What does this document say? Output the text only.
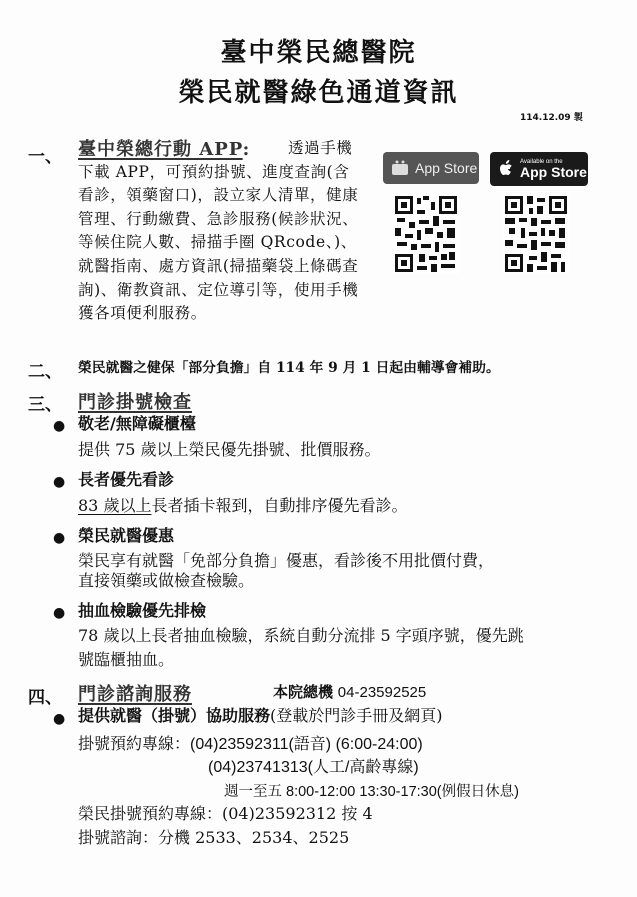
臺中榮民總醫院
榮民就醫綠色通道資訊
114.12.09 製
一、 臺中榮總行動 APP:	透過手機下載 APP，可預約掛號、進度查詢(含看診，領藥窗口)，設立家人清單，健康管理、行動繳費、急診服務(候診狀況、等候住院人數、掃描手圈 QRcode、)、就醫指南、處方資訊(掃描藥袋上條碼查詢)、衛教資訊、定位導引等，使用手機獲各項便利服務。
App Store	Available on the
App Store
二、 榮民就醫之健保「部分負擔」自 114 年 9 月 1 日起由輔導會補助。
三、 門診掛號檢查
● 敬老/無障礙櫃檯
提供 75 歲以上榮民優先掛號、批價服務。
● 長者優先看診
83 歲以上長者插卡報到，自動排序優先看診。
● 榮民就醫優惠
榮民享有就醫「免部分負擔」優惠，看診後不用批價付費，
直接領藥或做檢查檢驗。
● 抽血檢驗優先排檢
78 歲以上長者抽血檢驗，系統自動分流排 5 字頭序號，優先跳
號臨櫃抽血。
四、 門診諮詢服務	本院總機 04-23592525
● 提供就醫（掛號）協助服務(登載於門診手冊及網頁)
掛號預約專線：(04)23592311(語音) (6:00-24:00)
(04)23741313(人工/高齡專線)
週一至五 8:00-12:00 13:30-17:30(例假日休息)
榮民掛號預約專線：(04)23592312 按 4
掛號諮詢：分機 2533、2534、2525
